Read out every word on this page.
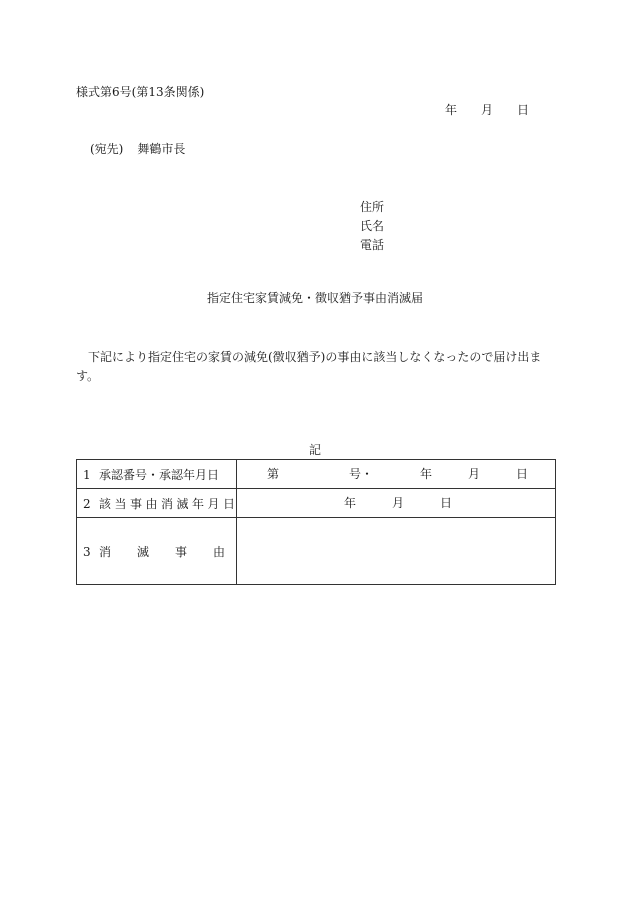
様式第6号(第13条関係)
年 月 日
(宛先) 舞鶴市長
住所
氏名
電話
指定住宅家賃減免・徴収猶予事由消滅届
下記により指定住宅の家賃の減免(徴収猶予)の事由に該当しなくなったので届け出ます。
記
1 承認番号・承認年月日	第 号・ 年 月 日

2 該当事由消滅年月日	年 月 日

3 消 滅 事 由	
